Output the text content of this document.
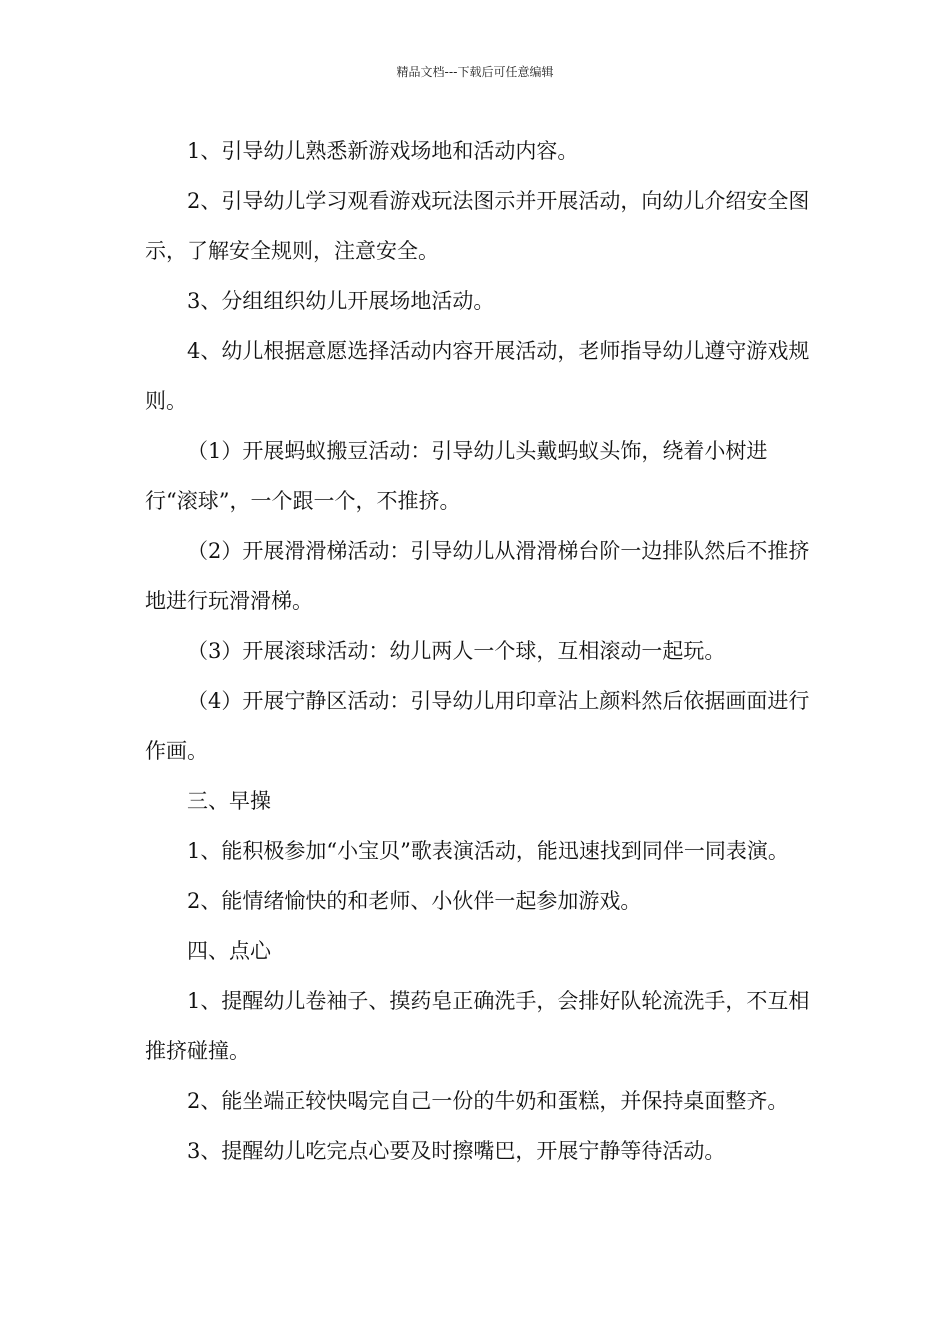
精品文档---下载后可任意编辑

1、引导幼儿熟悉新游戏场地和活动内容。

2、引导幼儿学习观看游戏玩法图示并开展活动，向幼儿介绍安全图示，了解安全规则，注意安全。

3、分组组织幼儿开展场地活动。

4、幼儿根据意愿选择活动内容开展活动，老师指导幼儿遵守游戏规则。

（1）开展蚂蚁搬豆活动：引导幼儿头戴蚂蚁头饰，绕着小树进行“滚球”，一个跟一个，不推挤。

（2）开展滑滑梯活动：引导幼儿从滑滑梯台阶一边排队然后不推挤地进行玩滑滑梯。

（3）开展滚球活动：幼儿两人一个球，互相滚动一起玩。

（4）开展宁静区活动：引导幼儿用印章沾上颜料然后依据画面进行作画。

三、早操

1、能积极参加“小宝贝”歌表演活动，能迅速找到同伴一同表演。

2、能情绪愉快的和老师、小伙伴一起参加游戏。

四、点心

1、提醒幼儿卷袖子、摸药皂正确洗手，会排好队轮流洗手，不互相推挤碰撞。

2、能坐端正较快喝完自己一份的牛奶和蛋糕，并保持桌面整齐。

3、提醒幼儿吃完点心要及时擦嘴巴，开展宁静等待活动。
